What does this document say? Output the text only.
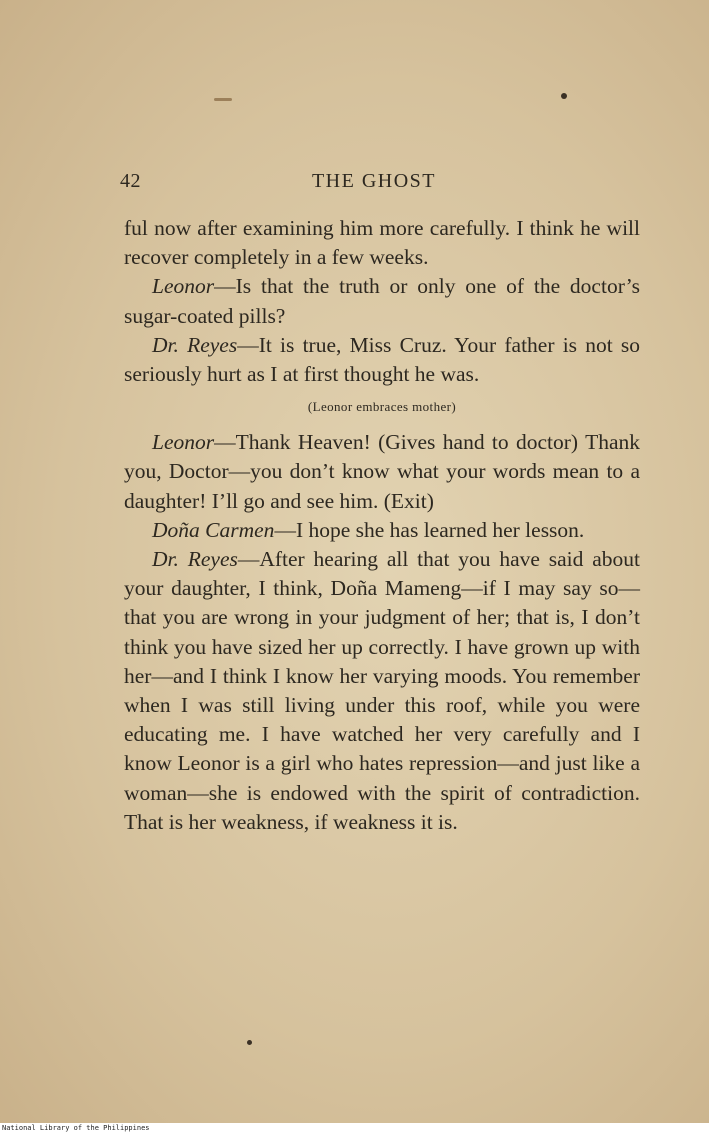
42	THE GHOST

ful now after examining him more carefully. I think he will recover completely in a few weeks.

Leonor—Is that the truth or only one of the doctor’s sugar-coated pills?

Dr. Reyes—It is true, Miss Cruz. Your father is not so seriously hurt as I at first thought he was.

(Leonor embraces mother)

Leonor—Thank Heaven! (Gives hand to doctor) Thank you, Doctor—you don’t know what your words mean to a daughter! I’ll go and see him. (Exit)

Doña Carmen—I hope she has learned her lesson.

Dr. Reyes—After hearing all that you have said about your daughter, I think, Doña Mameng—if I may say so—that you are wrong in your judgment of her; that is, I don’t think you have sized her up correctly. I have grown up with her—and I think I know her varying moods. You remember when I was still living under this roof, while you were educating me. I have watched her very carefully and I know Leonor is a girl who hates repression—and just like a woman—she is endowed with the spirit of contradiction. That is her weakness, if weakness it is.

National Library of the Philippines
